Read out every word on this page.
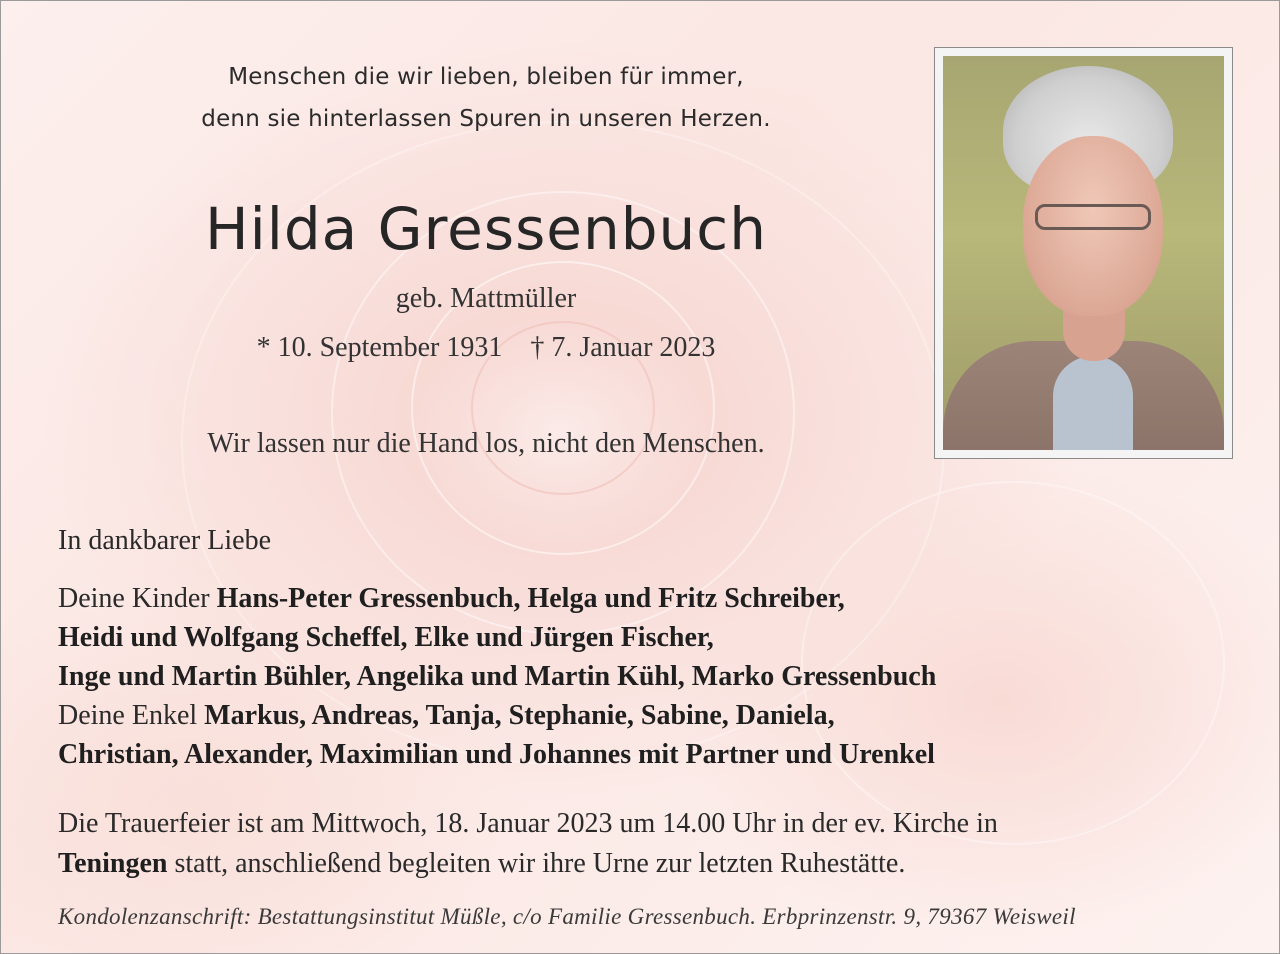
Menschen die wir lieben, bleiben für immer,
denn sie hinterlassen Spuren in unseren Herzen.
Hilda Gressenbuch
geb. Mattmüller
* 10. September 1931 † 7. Januar 2023
Wir lassen nur die Hand los, nicht den Menschen.
In dankbarer Liebe
Deine Kinder Hans-Peter Gressenbuch, Helga und Fritz Schreiber,
Heidi und Wolfgang Scheffel, Elke und Jürgen Fischer,
Inge und Martin Bühler, Angelika und Martin Kühl, Marko Gressenbuch
Deine Enkel Markus, Andreas, Tanja, Stephanie, Sabine, Daniela,
Christian, Alexander, Maximilian und Johannes mit Partner und Urenkel
Die Trauerfeier ist am Mittwoch, 18. Januar 2023 um 14.00 Uhr in der ev. Kirche in
Teningen statt, anschließend begleiten wir ihre Urne zur letzten Ruhestätte.
Kondolenzanschrift: Bestattungsinstitut Müßle, c/o Familie Gressenbuch. Erbprinzenstr. 9, 79367 Weisweil
